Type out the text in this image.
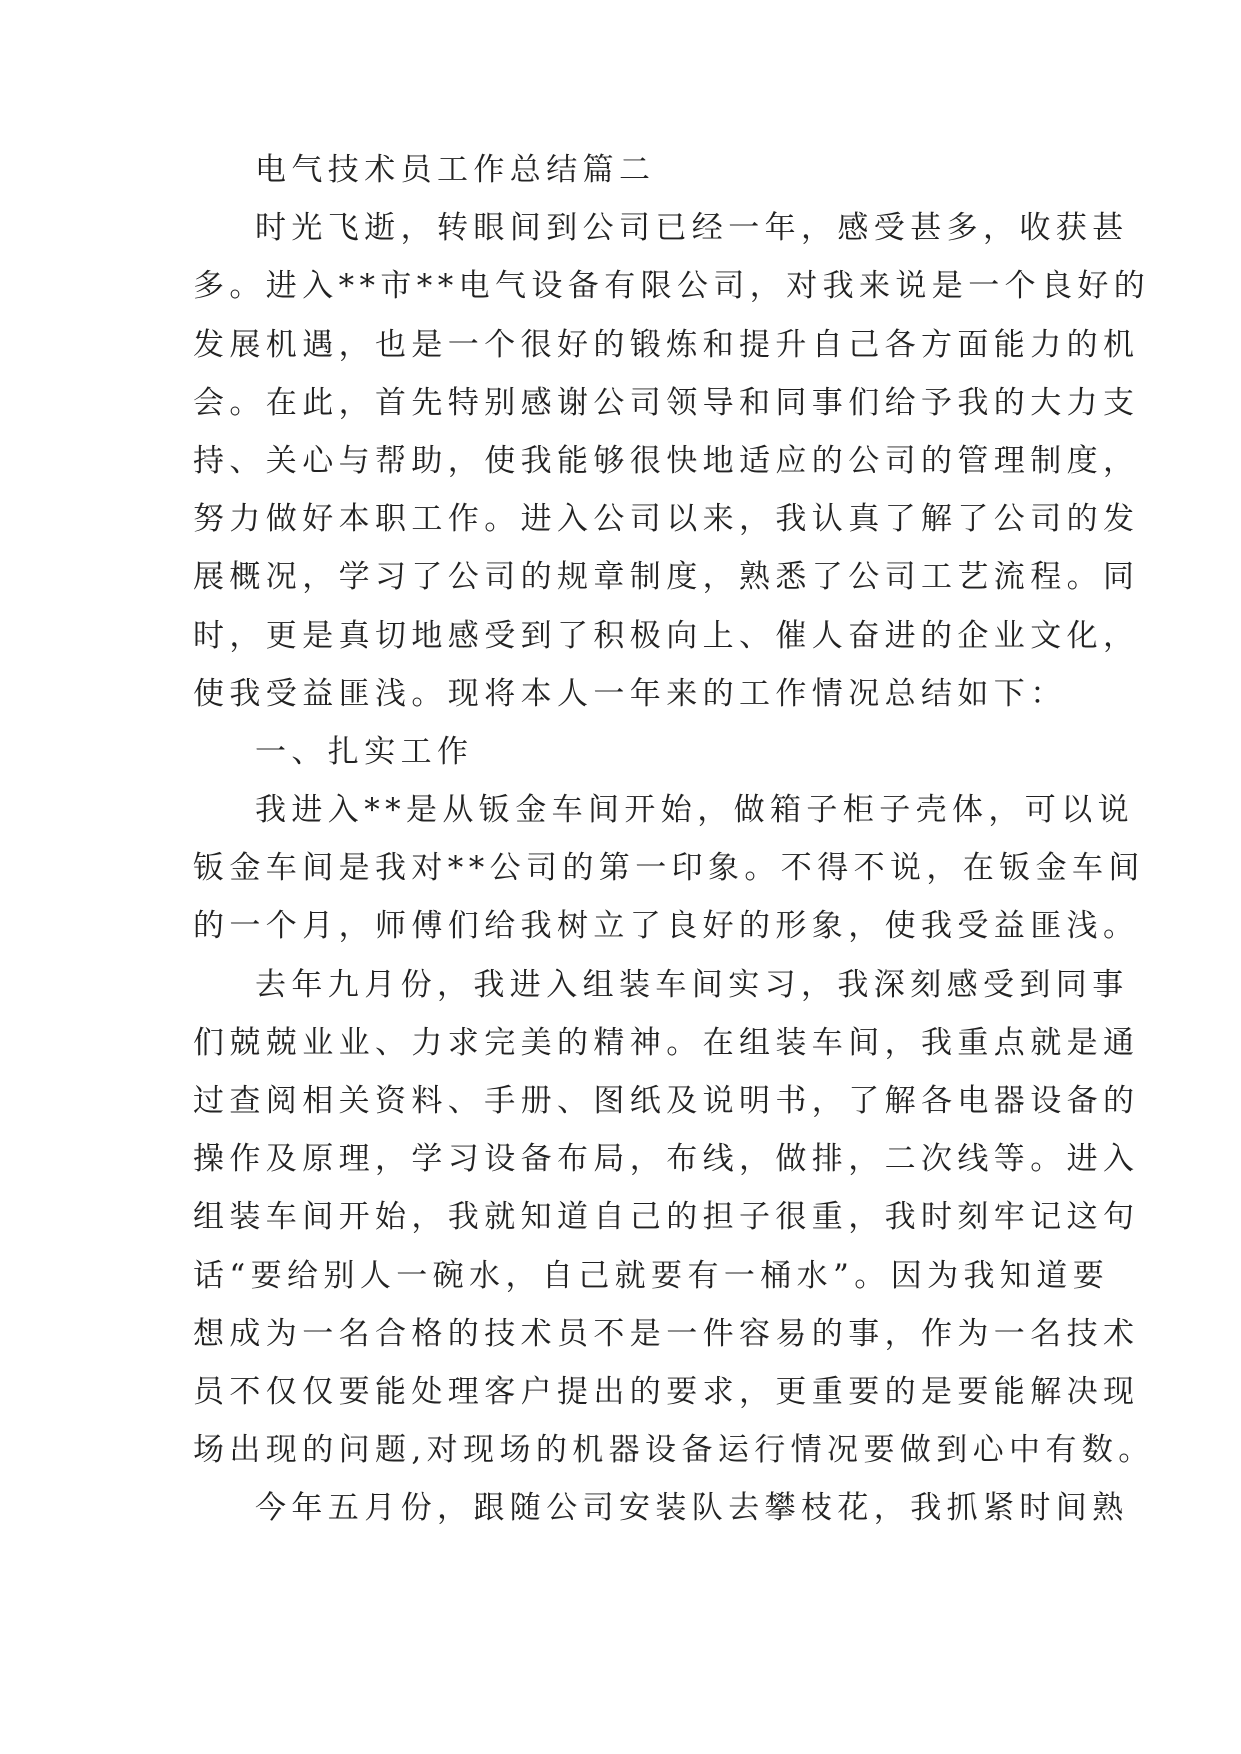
电气技术员工作总结篇二
时光飞逝，转眼间到公司已经一年，感受甚多，收获甚
多。进入**市**电气设备有限公司，对我来说是一个良好的
发展机遇，也是一个很好的锻炼和提升自己各方面能力的机
会。在此，首先特别感谢公司领导和同事们给予我的大力支
持、关心与帮助，使我能够很快地适应的公司的管理制度，
努力做好本职工作。进入公司以来，我认真了解了公司的发
展概况，学习了公司的规章制度，熟悉了公司工艺流程。同
时，更是真切地感受到了积极向上、催人奋进的企业文化，
使我受益匪浅。现将本人一年来的工作情况总结如下：
一、扎实工作
我进入**是从钣金车间开始，做箱子柜子壳体，可以说
钣金车间是我对**公司的第一印象。不得不说，在钣金车间
的一个月，师傅们给我树立了良好的形象，使我受益匪浅。
去年九月份，我进入组装车间实习，我深刻感受到同事
们兢兢业业、力求完美的精神。在组装车间，我重点就是通
过查阅相关资料、手册、图纸及说明书，了解各电器设备的
操作及原理，学习设备布局，布线，做排，二次线等。进入
组装车间开始，我就知道自己的担子很重，我时刻牢记这句
话“要给别人一碗水，自己就要有一桶水”。因为我知道要
想成为一名合格的技术员不是一件容易的事，作为一名技术
员不仅仅要能处理客户提出的要求，更重要的是要能解决现
场出现的问题,对现场的机器设备运行情况要做到心中有数。
今年五月份，跟随公司安装队去攀枝花，我抓紧时间熟
